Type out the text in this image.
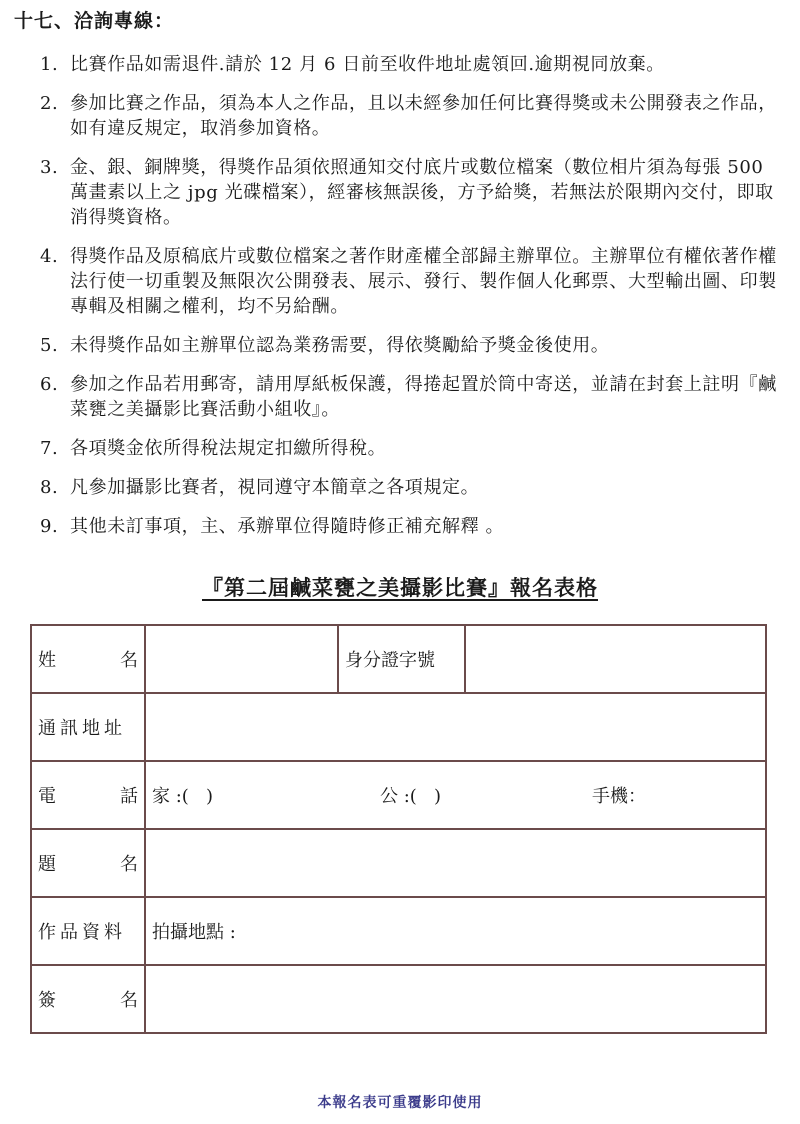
十七、洽詢專線：
1. 比賽作品如需退件.請於 12 月 6 日前至收件地址處領回.逾期視同放棄。
2. 參加比賽之作品，須為本人之作品，且以未經參加任何比賽得獎或未公開發表之作品，如有違反規定，取消參加資格。
3. 金、銀、銅牌獎，得獎作品須依照通知交付底片或數位檔案（數位相片須為每張 500 萬畫素以上之 jpg 光碟檔案），經審核無誤後，方予給獎，若無法於限期內交付，即取消得獎資格。
4. 得獎作品及原稿底片或數位檔案之著作財產權全部歸主辦單位。主辦單位有權依著作權法行使一切重製及無限次公開發表、展示、發行、製作個人化郵票、大型輸出圖、印製專輯及相關之權利，均不另給酬。
5. 未得獎作品如主辦單位認為業務需要，得依獎勵給予獎金後使用。
6. 參加之作品若用郵寄，請用厚紙板保護，得捲起置於筒中寄送，並請在封套上註明『鹹菜甕之美攝影比賽活動小組收』。
7. 各項獎金依所得稅法規定扣繳所得稅。
8. 凡參加攝影比賽者，視同遵守本簡章之各項規定。
9. 其他未訂事項，主、承辦單位得隨時修正補充解釋 。
『第二屆鹹菜甕之美攝影比賽』報名表格
姓 名		身分證字號	
通訊地址			

電 話	家 :(   ) 公 :(   ) 手機：		

題 名			

作品資料	拍攝地點 :		

簽 名			

本報名表可重覆影印使用
